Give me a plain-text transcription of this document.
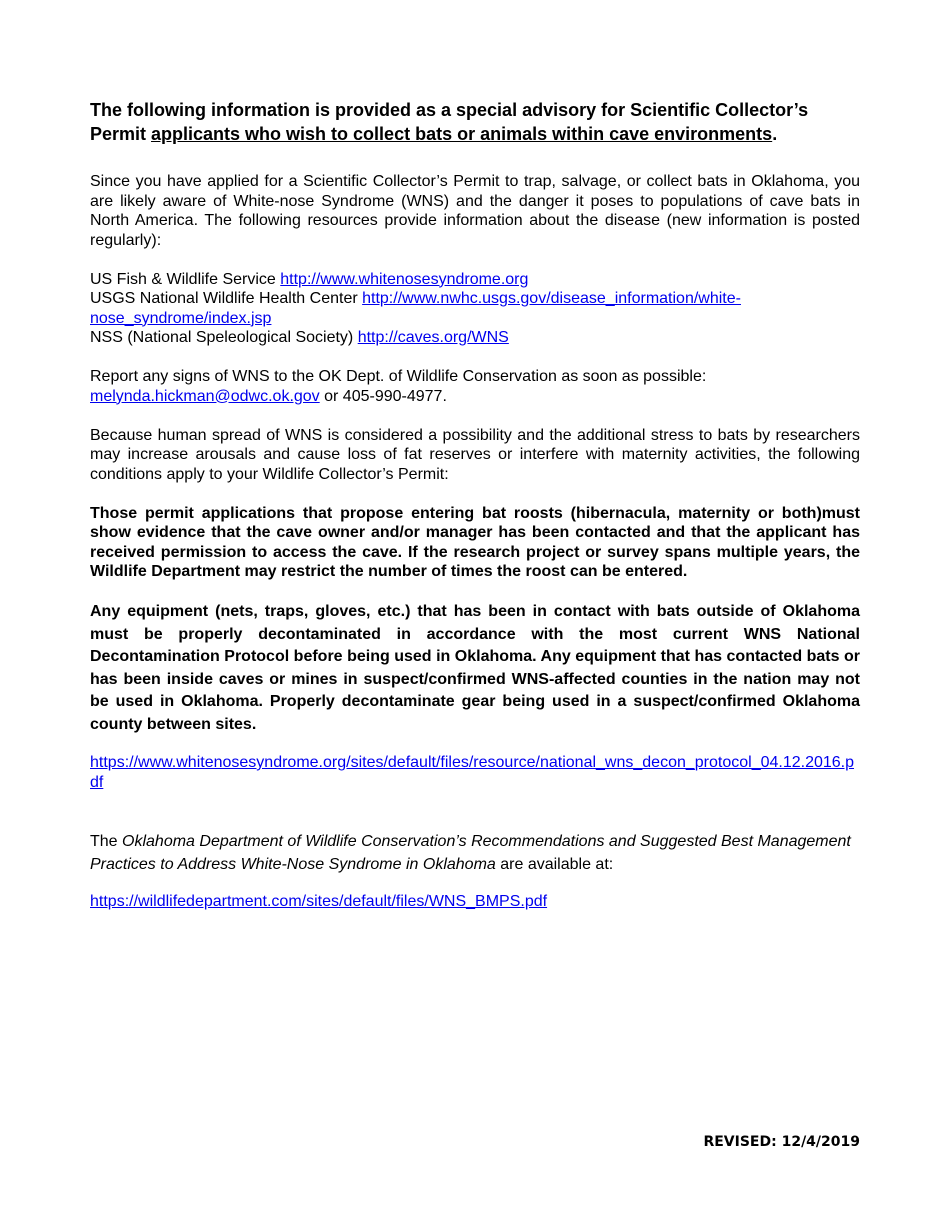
The following information is provided as a special advisory for Scientific Collector’s Permit applicants who wish to collect bats or animals within cave environments.

Since you have applied for a Scientific Collector’s Permit to trap, salvage, or collect bats in Oklahoma, you are likely aware of White-nose Syndrome (WNS) and the danger it poses to populations of cave bats in North America. The following resources provide information about the disease (new information is posted regularly):

US Fish & Wildlife Service http://www.whitenosesyndrome.org

USGS National Wildlife Health Center http://www.nwhc.usgs.gov/disease_information/white-nose_syndrome/index.jsp

NSS (National Speleological Society) http://caves.org/WNS

Report any signs of WNS to the OK Dept. of Wildlife Conservation as soon as possible:

melynda.hickman@odwc.ok.gov or 405-990-4977.

Because human spread of WNS is considered a possibility and the additional stress to bats by researchers may increase arousals and cause loss of fat reserves or interfere with maternity activities, the following conditions apply to your Wildlife Collector’s Permit:

Those permit applications that propose entering bat roosts (hibernacula, maternity or both)must show evidence that the cave owner and/or manager has been contacted and that the applicant has received permission to access the cave. If the research project or survey spans multiple years, the Wildlife Department may restrict the number of times the roost can be entered.

Any equipment (nets, traps, gloves, etc.) that has been in contact with bats outside of Oklahoma must be properly decontaminated in accordance with the most current WNS National Decontamination Protocol before being used in Oklahoma. Any equipment that has contacted bats or has been inside caves or mines in suspect/confirmed WNS-affected counties in the nation may not be used in Oklahoma. Properly decontaminate gear being used in a suspect/confirmed Oklahoma county between sites.

https://www.whitenosesyndrome.org/sites/default/files/resource/national_wns_decon_protocol_04.12.2016.pdf

The Oklahoma Department of Wildlife Conservation’s Recommendations and Suggested Best Management Practices to Address White-Nose Syndrome in Oklahoma are available at:

https://wildlifedepartment.com/sites/default/files/WNS_BMPS.pdf

REVISED: 12/4/2019
